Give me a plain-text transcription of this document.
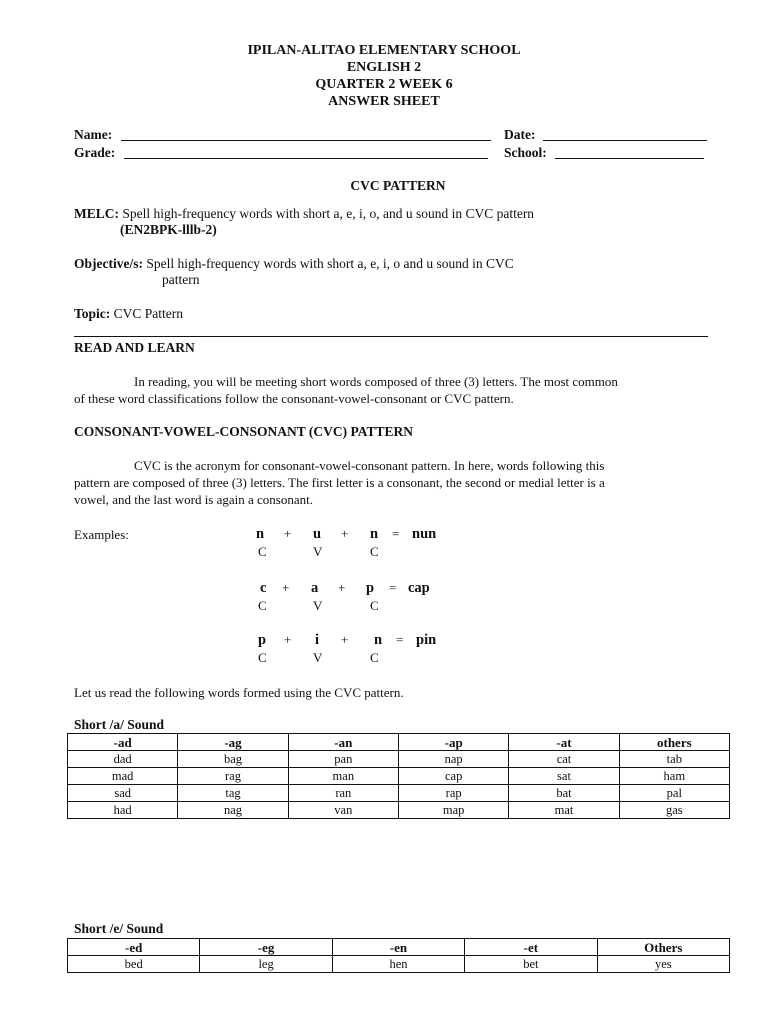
IPILAN-ALITAO ELEMENTARY SCHOOL
ENGLISH 2
QUARTER 2 WEEK 6
ANSWER SHEET
Name:	Date:
Grade:	School:
CVC PATTERN
MELC: Spell high-frequency words with short a, e, i, o, and u sound in CVC pattern
(EN2BPK-lllb-2)
Objective/s: Spell high-frequency words with short a, e, i, o and u sound in CVC
pattern
Topic: CVC Pattern
READ AND LEARN
In reading, you will be meeting short words composed of three (3) letters. The most common
of these word classifications follow the consonant-vowel-consonant or CVC pattern.
CONSONANT-VOWEL-CONSONANT (CVC) PATTERN
CVC is the acronym for consonant-vowel-consonant pattern. In here, words following this
pattern are composed of three (3) letters. The first letter is a consonant, the second or medial letter is a
vowel, and the last word is again a consonant.
Examples:	n + u + n = nun
C	V	C
c + a + p = cap
C	V	C
p + i + n = pin
C	V	C
Let us read the following words formed using the CVC pattern.
Short /a/ Sound
-ad	-ag	-an	-ap	-at	others
dad	bag	pan	nap	cat	tab
mad	rag	man	cap	sat	ham
sad	tag	ran	rap	bat	pal
had	nag	van	map	mat	gas
Short /e/ Sound
-ed	-eg	-en	-et	Others
bed	leg	hen	bet	yes
